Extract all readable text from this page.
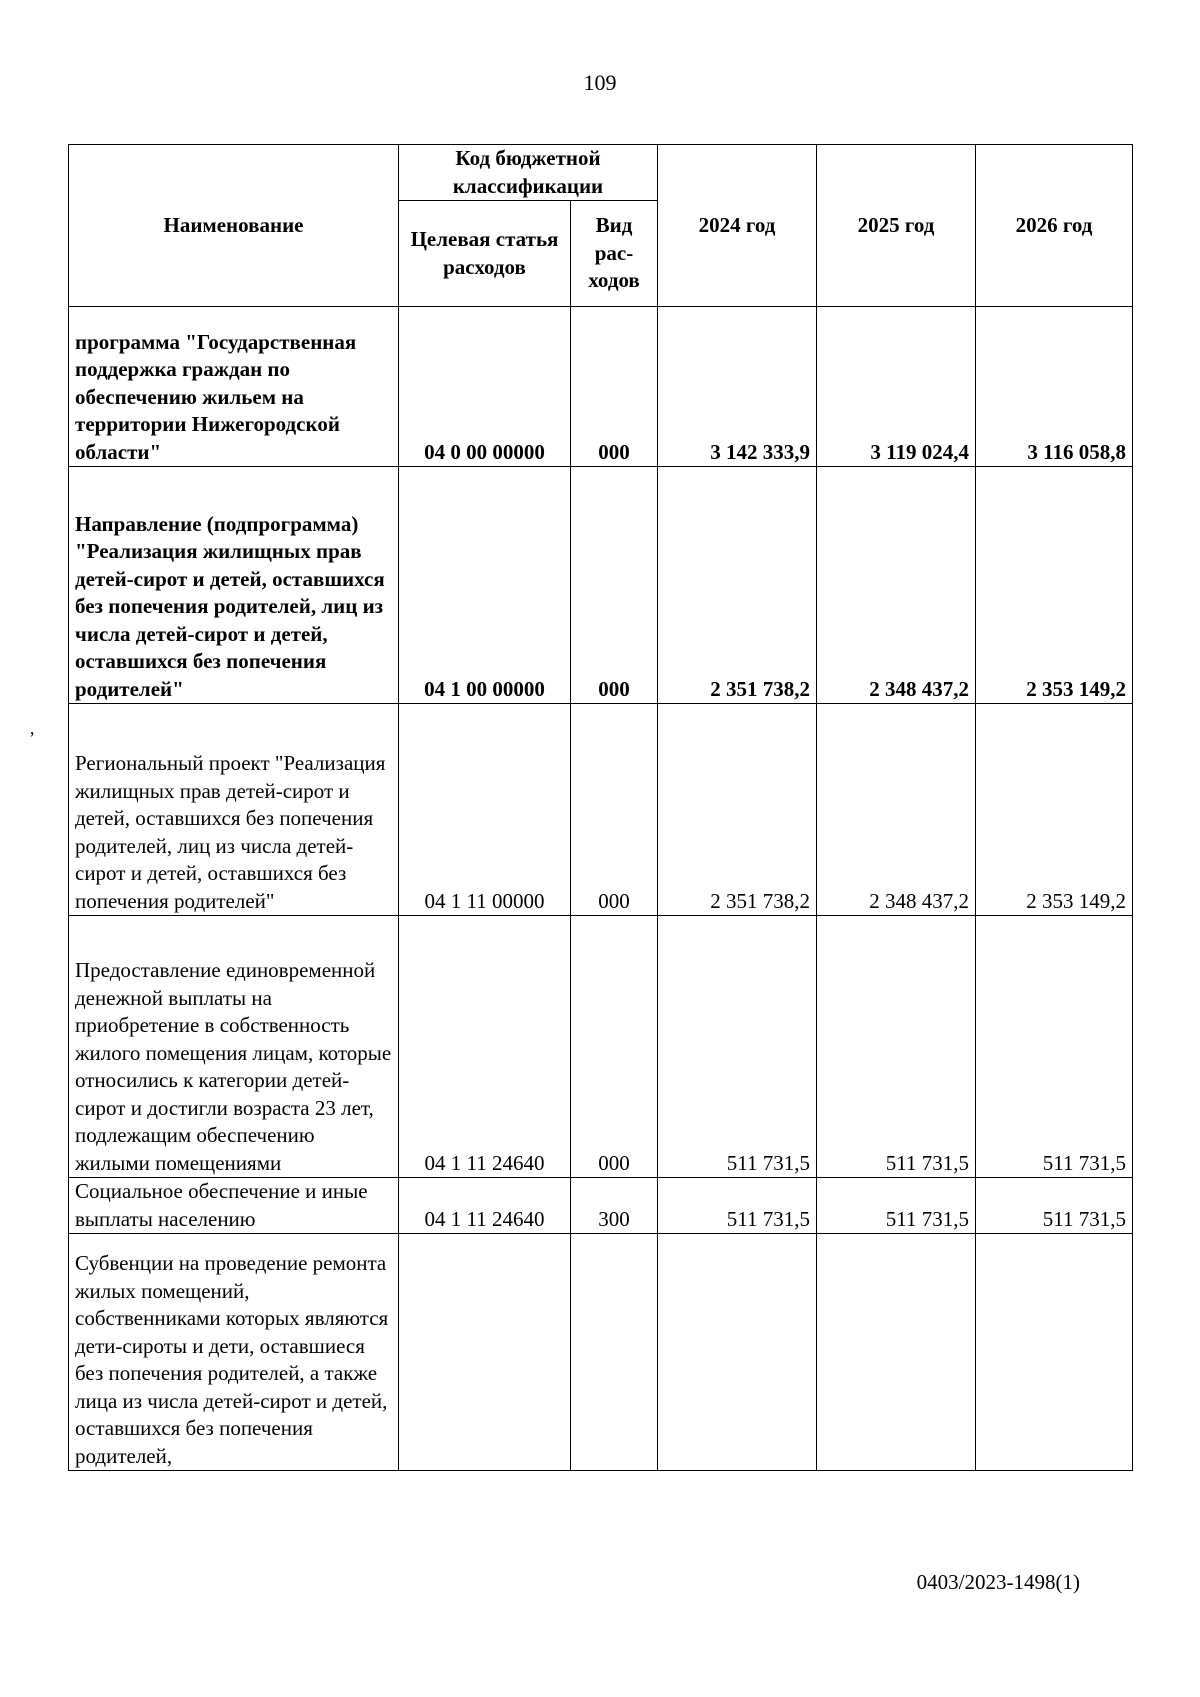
109
’
Наименование	Код бюджетной классификации		2024 год	2025 год	2026 год
	Целевая статья расходов	Вид рас-ходов			
программа "Государственная поддержка граждан по обеспечению жильем на территории Нижегородской области"	04 0 00 00000	000	3 142 333,9	3 119 024,4	3 116 058,8
Направление (подпрограмма) "Реализация жилищных прав детей-сирот и детей, оставшихся без попечения родителей, лиц из числа детей-сирот и детей, оставшихся без попечения родителей"	04 1 00 00000	000	2 351 738,2	2 348 437,2	2 353 149,2
Региональный проект "Реализация жилищных прав детей-сирот и детей, оставшихся без попечения родителей, лиц из числа детей-сирот и детей, оставшихся без попечения родителей"	04 1 11 00000	000	2 351 738,2	2 348 437,2	2 353 149,2
Предоставление единовременной денежной выплаты на приобретение в собственность жилого помещения лицам, которые относились к категории детей-сирот и достигли возраста 23 лет, подлежащим обеспечению жилыми помещениями	04 1 11 24640	000	511 731,5	511 731,5	511 731,5
Социальное обеспечение и иные выплаты населению	04 1 11 24640	300	511 731,5	511 731,5	511 731,5
Субвенции на проведение ремонта жилых помещений, собственниками которых являются дети-сироты и дети, оставшиеся без попечения родителей, а также лица из числа детей-сирот и детей, оставшихся без попечения родителей,					
0403/2023-1498(1)
